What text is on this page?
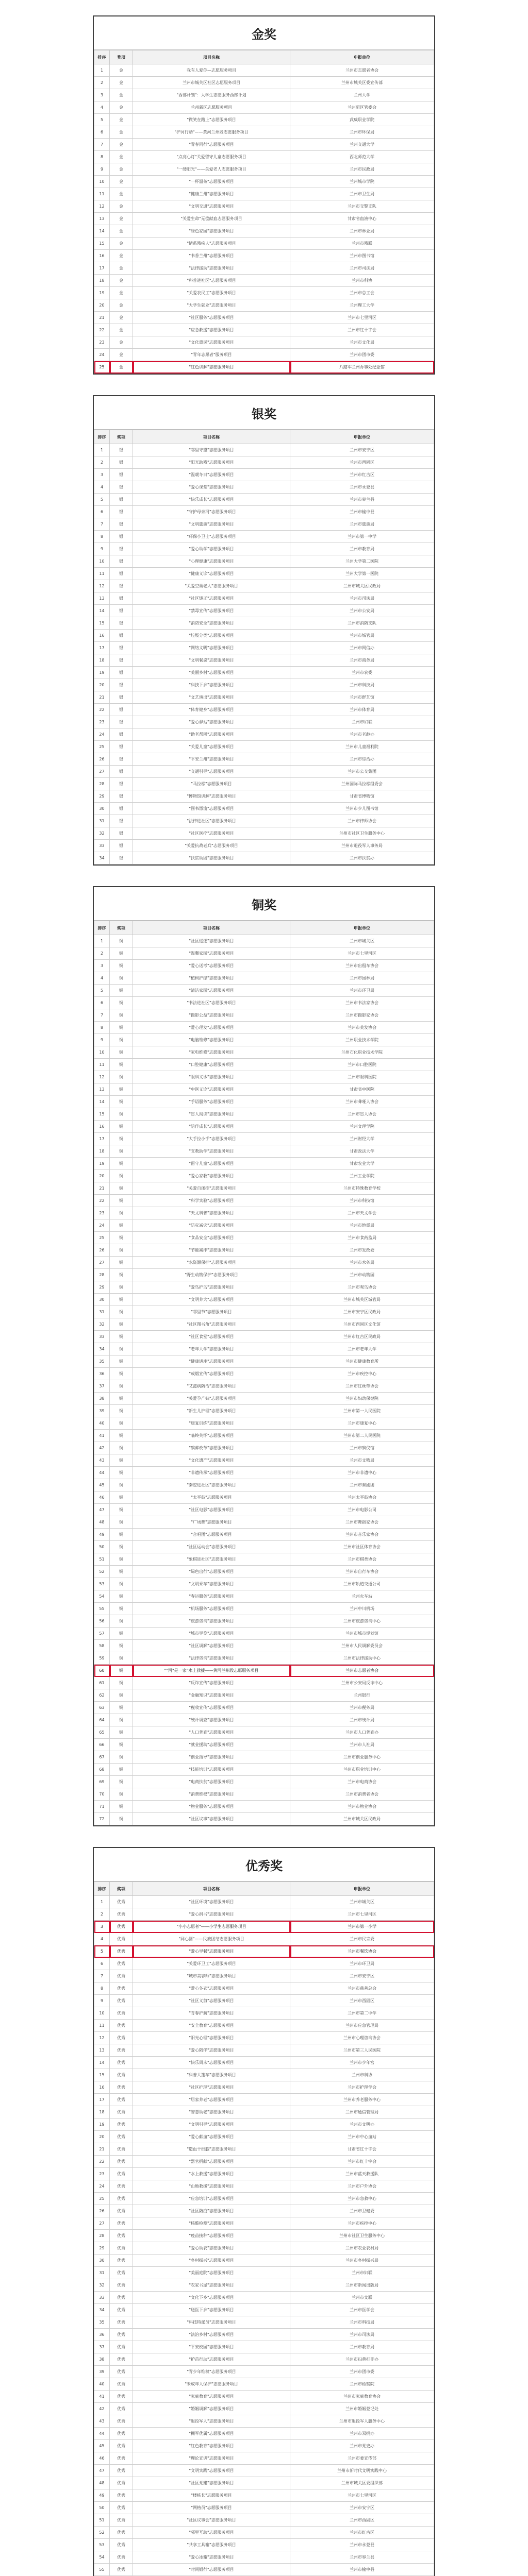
金奖
排序	奖项	项目名称	申报单位
1	金	我有人爱你—志愿服务项目	兰州市志愿者协会
2	金	兰州市城关区社区志愿服务项目	兰州市城关区委宣传部
3	金	"西部计划"：大学生志愿服务西部计划	兰州大学
4	金	兰州新区志愿服务项目	兰州新区管委会
5	金	"微笑在路上"志愿服务项目	武威职业学院
6	金	"护河行动"——黄河兰州段志愿服务项目	兰州市环保局
7	金	"青春同行"志愿服务项目	兰州交通大学
8	金	"点亮心灯"关爱留守儿童志愿服务项目	西北师范大学
9	金	"一缕阳光"——关爱老人志愿服务项目	兰州市民政局
10	金	"一杯温茶"志愿服务项目	兰州城市学院
11	金	"健康兰州"志愿服务项目	兰州市卫生局
12	金	"文明交通"志愿服务项目	兰州市交警支队
13	金	"关爱生命"无偿献血志愿服务项目	甘肃省血液中心
14	金	"绿色家园"志愿服务项目	兰州市林业局
15	金	"情系残疾人"志愿服务项目	兰州市残联
16	金	"书香兰州"志愿服务项目	兰州市图书馆
17	金	"法律援助"志愿服务项目	兰州市司法局
18	金	"科普进社区"志愿服务项目	兰州市科协
19	金	"关爱农民工"志愿服务项目	兰州市总工会
20	金	"大学生就业"志愿服务项目	兰州理工大学
21	金	"社区服务"志愿服务项目	兰州市七里河区
22	金	"应急救援"志愿服务项目	兰州市红十字会
23	金	"文化惠民"志愿服务项目	兰州市文化局
24	金	"青年志愿者"服务项目	兰州市团市委
25	金	"红色讲解"志愿服务项目	八路军兰州办事处纪念馆
银奖
排序	奖项	项目名称	申报单位
1	银	"邻里守望"志愿服务项目	兰州市安宁区
2	银	"阳光助残"志愿服务项目	兰州市西固区
3	银	"温暖冬日"志愿服务项目	兰州市红古区
4	银	"爱心课堂"志愿服务项目	兰州市永登县
5	银	"快乐成长"志愿服务项目	兰州市皋兰县
6	银	"守护母亲河"志愿服务项目	兰州市榆中县
7	银	"文明旅游"志愿服务项目	兰州市旅游局
8	银	"环保小卫士"志愿服务项目	兰州市第一中学
9	银	"爱心助学"志愿服务项目	兰州市教育局
10	银	"心理健康"志愿服务项目	兰州大学第二医院
11	银	"健康义诊"志愿服务项目	兰州大学第一医院
12	银	"关爱空巢老人"志愿服务项目	兰州市城关区民政局
13	银	"社区矫正"志愿服务项目	兰州市司法局
14	银	"禁毒宣传"志愿服务项目	兰州市公安局
15	银	"消防安全"志愿服务项目	兰州市消防支队
16	银	"垃圾分类"志愿服务项目	兰州市城管局
17	银	"网络文明"志愿服务项目	兰州市网信办
18	银	"文明餐桌"志愿服务项目	兰州市商务局
19	银	"美丽乡村"志愿服务项目	兰州市农委
20	银	"科技下乡"志愿服务项目	兰州市科技局
21	银	"文艺演出"志愿服务项目	兰州市群艺馆
22	银	"体育健身"志愿服务项目	兰州市体育局
23	银	"爱心驿站"志愿服务项目	兰州市妇联
24	银	"助老帮困"志愿服务项目	兰州市老龄办
25	银	"关爱儿童"志愿服务项目	兰州市儿童福利院
26	银	"平安兰州"志愿服务项目	兰州市综治办
27	银	"交通引导"志愿服务项目	兰州市公交集团
28	银	"马拉松"志愿服务项目	兰州国际马拉松组委会
29	银	"博物馆讲解"志愿服务项目	甘肃省博物馆
30	银	"图书漂流"志愿服务项目	兰州市少儿图书馆
31	银	"法律进社区"志愿服务项目	兰州市律师协会
32	银	"社区医疗"志愿服务项目	兰州市社区卫生服务中心
33	银	"关爱抗战老兵"志愿服务项目	兰州市退役军人事务局
34	银	"扶贫助困"志愿服务项目	兰州市扶贫办
铜奖
排序	奖项	项目名称	申报单位
1	铜	"社区巡逻"志愿服务项目	兰州市城关区
2	铜	"温馨家园"志愿服务项目	兰州市七里河区
3	铜	"爱心送考"志愿服务项目	兰州市出租车协会
4	铜	"植树护绿"志愿服务项目	兰州市园林局
5	铜	"清洁家园"志愿服务项目	兰州市环卫局
6	铜	"书法进社区"志愿服务项目	兰州市书法家协会
7	铜	"摄影公益"志愿服务项目	兰州市摄影家协会
8	铜	"爱心理发"志愿服务项目	兰州市美发协会
9	铜	"电脑维修"志愿服务项目	兰州职业技术学院
10	铜	"家电维修"志愿服务项目	兰州石化职业技术学院
11	铜	"口腔健康"志愿服务项目	兰州市口腔医院
12	铜	"眼科义诊"志愿服务项目	兰州市眼科医院
13	铜	"中医义诊"志愿服务项目	甘肃省中医院
14	铜	"手语服务"志愿服务项目	兰州市聋哑人协会
15	铜	"盲人阅读"志愿服务项目	兰州市盲人协会
16	铜	"陪伴成长"志愿服务项目	兰州文理学院
17	铜	"大手拉小手"志愿服务项目	兰州财经大学
18	铜	"支教助学"志愿服务项目	甘肃政法大学
19	铜	"留守儿童"志愿服务项目	甘肃农业大学
20	铜	"爱心家教"志愿服务项目	兰州工业学院
21	铜	"关爱自闭症"志愿服务项目	兰州市特殊教育学校
22	铜	"科学实验"志愿服务项目	兰州市科技馆
23	铜	"天文科普"志愿服务项目	兰州市天文学会
24	铜	"防灾减灾"志愿服务项目	兰州市地震局
25	铜	"食品安全"志愿服务项目	兰州市食药监局
26	铜	"节能减排"志愿服务项目	兰州市发改委
27	铜	"水资源保护"志愿服务项目	兰州市水务局
28	铜	"野生动物保护"志愿服务项目	兰州市动物园
29	铜	"爱鸟护鸟"志愿服务项目	兰州市观鸟协会
30	铜	"文明养犬"志愿服务项目	兰州市城关区城管局
31	铜	"邻里节"志愿服务项目	兰州市安宁区民政局
32	铜	"社区图书角"志愿服务项目	兰州市西固区文化馆
33	铜	"社区食堂"志愿服务项目	兰州市红古区民政局
34	铜	"老年大学"志愿服务项目	兰州市老年大学
35	铜	"健康讲座"志愿服务项目	兰州市健康教育所
36	铜	"戒烟宣传"志愿服务项目	兰州市疾控中心
37	铜	"艾滋病防治"志愿服务项目	兰州市红丝带协会
38	铜	"关爱孕产妇"志愿服务项目	兰州市妇幼保健院
39	铜	"新生儿护理"志愿服务项目	兰州市第一人民医院
40	铜	"康复训练"志愿服务项目	兰州市康复中心
41	铜	"临终关怀"志愿服务项目	兰州市第二人民医院
42	铜	"殡葬改革"志愿服务项目	兰州市殡仪馆
43	铜	"文化遗产"志愿服务项目	兰州市文物局
44	铜	"非遗传承"志愿服务项目	兰州市非遗中心
45	铜	"秦腔进社区"志愿服务项目	兰州市秦剧团
46	铜	"太平鼓"志愿服务项目	兰州太平鼓协会
47	铜	"社区电影"志愿服务项目	兰州市电影公司
48	铜	"广场舞"志愿服务项目	兰州市舞蹈家协会
49	铜	"合唱团"志愿服务项目	兰州市音乐家协会
50	铜	"社区运动会"志愿服务项目	兰州市社区体育协会
51	铜	"象棋进社区"志愿服务项目	兰州市棋类协会
52	铜	"绿色出行"志愿服务项目	兰州市自行车协会
53	铜	"文明乘车"志愿服务项目	兰州市轨道交通公司
54	铜	"春运服务"志愿服务项目	兰州火车站
55	铜	"机场服务"志愿服务项目	兰州中川机场
56	铜	"旅游咨询"志愿服务项目	兰州市旅游咨询中心
57	铜	"城市导览"志愿服务项目	兰州市城市规划馆
58	铜	"社区调解"志愿服务项目	兰州市人民调解委员会
59	铜	"法律咨询"志愿服务项目	兰州市法律援助中心
60	铜	""河"是一家"水上救援——黄河兰州段志愿服务项目	兰州市志愿者协会
61	铜	"反诈宣传"志愿服务项目	兰州市公安局反诈中心
62	铜	"金融知识"志愿服务项目	兰州银行
63	铜	"税收宣传"志愿服务项目	兰州市税务局
64	铜	"统计调查"志愿服务项目	兰州市统计局
65	铜	"人口普查"志愿服务项目	兰州市人口普查办
66	铜	"就业援助"志愿服务项目	兰州市人社局
67	铜	"创业指导"志愿服务项目	兰州市创业服务中心
68	铜	"技能培训"志愿服务项目	兰州市职业培训中心
69	铜	"电商扶贫"志愿服务项目	兰州市电商协会
70	铜	"消费维权"志愿服务项目	兰州市消费者协会
71	铜	"物业服务"志愿服务项目	兰州市物业协会
72	铜	"社区议事"志愿服务项目	兰州市城关区民政局
优秀奖
排序	奖项	项目名称	申报单位
1	优秀	"社区环境"志愿服务项目	兰州市城关区
2	优秀	"爱心捐书"志愿服务项目	兰州市七里河区
3	优秀	"小小志愿者"——小学生志愿服务项目	兰州市第一小学
4	优秀	"同心圆"——民族团结志愿服务项目	兰州市民宗委
5	优秀	"爱心早餐"志愿服务项目	兰州市餐饮协会
6	优秀	"关爱环卫工"志愿服务项目	兰州市环卫局
7	优秀	"城市美容师"志愿服务项目	兰州市安宁区
8	优秀	"爱心冬衣"志愿服务项目	兰州市慈善总会
9	优秀	"社区义剪"志愿服务项目	兰州市西固区
10	优秀	"青春护航"志愿服务项目	兰州市第二中学
11	优秀	"安全教育"志愿服务项目	兰州市应急管理局
12	优秀	"阳光心理"志愿服务项目	兰州市心理咨询协会
13	优秀	"爱心陪伴"志愿服务项目	兰州市第三人民医院
14	优秀	"快乐周末"志愿服务项目	兰州市少年宫
15	优秀	"科普大篷车"志愿服务项目	兰州市科协
16	优秀	"社区护理"志愿服务项目	兰州市护理学会
17	优秀	"居家养老"志愿服务项目	兰州市养老服务中心
18	优秀	"智慧助老"志愿服务项目	兰州市通信管理局
19	优秀	"文明引导"志愿服务项目	兰州市文明办
20	优秀	"爱心献血"志愿服务项目	兰州市中心血站
21	优秀	"造血干细胞"志愿服务项目	甘肃省红十字会
22	优秀	"器官捐献"志愿服务项目	兰州市红十字会
23	优秀	"水上救援"志愿服务项目	兰州市蓝天救援队
24	优秀	"山地救援"志愿服务项目	兰州市户外协会
25	优秀	"应急培训"志愿服务项目	兰州市急救中心
26	优秀	"社区防疫"志愿服务项目	兰州市卫健委
27	优秀	"核酸检测"志愿服务项目	兰州市疾控中心
28	优秀	"疫苗接种"志愿服务项目	兰州市社区卫生服务中心
29	优秀	"爱心助农"志愿服务项目	兰州市农业农村局
30	优秀	"乡村振兴"志愿服务项目	兰州市乡村振兴局
31	优秀	"美丽庭院"志愿服务项目	兰州市妇联
32	优秀	"农家书屋"志愿服务项目	兰州市新闻出版局
33	优秀	"文化下乡"志愿服务项目	兰州市文联
34	优秀	"送医下乡"志愿服务项目	兰州市医学会
35	优秀	"科技特派员"志愿服务项目	兰州市科技局
36	优秀	"法治乡村"志愿服务项目	兰州市司法局
37	优秀	"平安校园"志愿服务项目	兰州市教育局
38	优秀	"护苗行动"志愿服务项目	兰州市扫黄打非办
39	优秀	"青少年维权"志愿服务项目	兰州市团市委
40	优秀	"未成年人保护"志愿服务项目	兰州市检察院
41	优秀	"家庭教育"志愿服务项目	兰州市家庭教育协会
42	优秀	"婚姻调解"志愿服务项目	兰州市婚姻登记处
43	优秀	"退役军人"志愿服务项目	兰州市退役军人服务中心
44	优秀	"拥军优属"志愿服务项目	兰州市双拥办
45	优秀	"红色教育"志愿服务项目	兰州市党史办
46	优秀	"理论宣讲"志愿服务项目	兰州市委宣传部
47	优秀	"文明实践"志愿服务项目	兰州市新时代文明实践中心
48	优秀	"社区党建"志愿服务项目	兰州市城关区委组织部
49	优秀	"楼栋长"志愿服务项目	兰州市七里河区
50	优秀	"网格员"志愿服务项目	兰州市安宁区
51	优秀	"社区议事会"志愿服务项目	兰州市西固区
52	优秀	"邻里互助"志愿服务项目	兰州市红古区
53	优秀	"共享工具箱"志愿服务项目	兰州市永登县
54	优秀	"爱心冰箱"志愿服务项目	兰州市皋兰县
55	优秀	"时间银行"志愿服务项目	兰州市榆中县
